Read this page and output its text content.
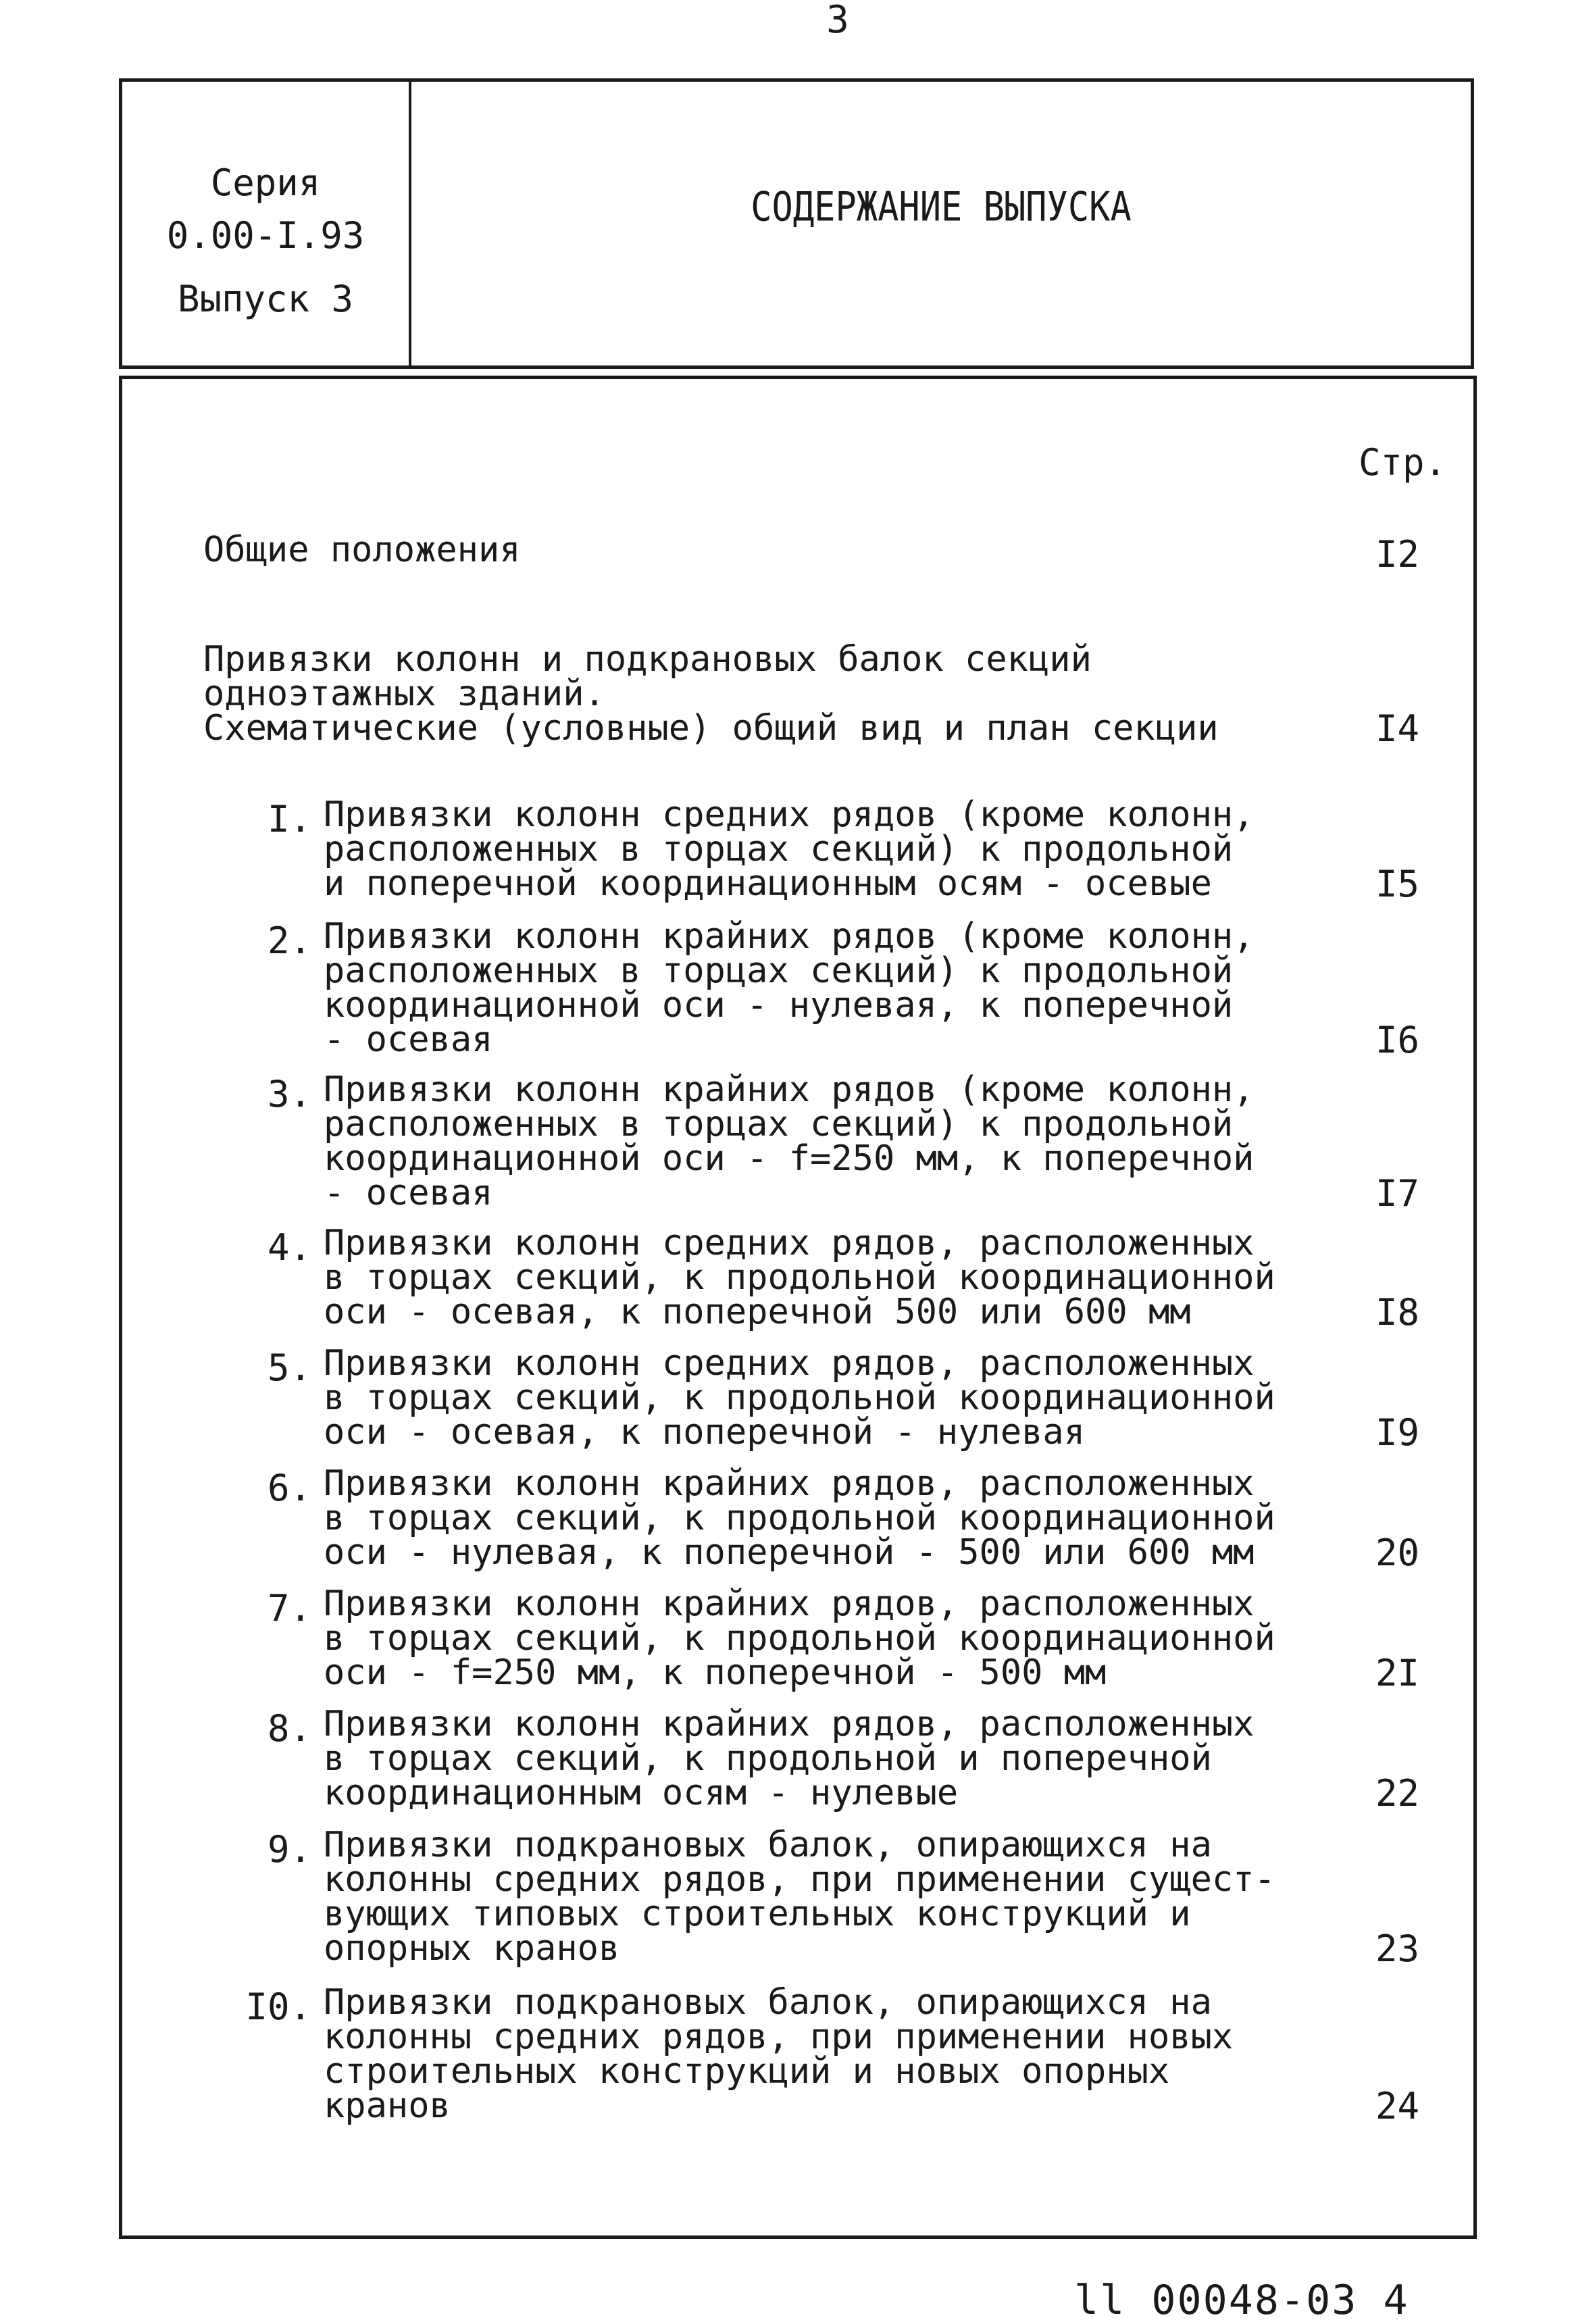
3
Серия
0.00-I.93
Выпуск 3
СОДЕРЖАНИЕ ВЫПУСКА
Стр.
Общие положения	I2
Привязки колонн и подкрановых балок секций
одноэтажных зданий.
Схематические (условные) общий вид и план секции	I4
I. Привязки колонн средних рядов (кроме колонн,
расположенных в торцах секций) к продольной
и поперечной координационным осям - осевые	I5
2. Привязки колонн крайних рядов (кроме колонн,
расположенных в торцах секций) к продольной
координационной оси - нулевая, к поперечной
- осевая	I6
3. Привязки колонн крайних рядов (кроме колонн,
расположенных в торцах секций) к продольной
координационной оси - f=250 мм, к поперечной
- осевая	I7
4. Привязки колонн средних рядов, расположенных
в торцах секций, к продольной координационной
оси - осевая, к поперечной 500 или 600 мм	I8
5. Привязки колонн средних рядов, расположенных
в торцах секций, к продольной координационной
оси - осевая, к поперечной - нулевая	I9
6. Привязки колонн крайних рядов, расположенных
в торцах секций, к продольной координационной
оси - нулевая, к поперечной - 500 или 600 мм	20
7. Привязки колонн крайних рядов, расположенных
в торцах секций, к продольной координационной
оси - f=250 мм, к поперечной - 500 мм	2I
8. Привязки колонн крайних рядов, расположенных
в торцах секций, к продольной и поперечной
координационным осям - нулевые	22
9. Привязки подкрановых балок, опирающихся на
колонны средних рядов, при применении сущест-
вующих типовых строительных конструкций и
опорных кранов	23
I0. Привязки подкрановых балок, опирающихся на
колонны средних рядов, при применении новых
строительных конструкций и новых опорных
кранов	24
ll 00048-03 4
